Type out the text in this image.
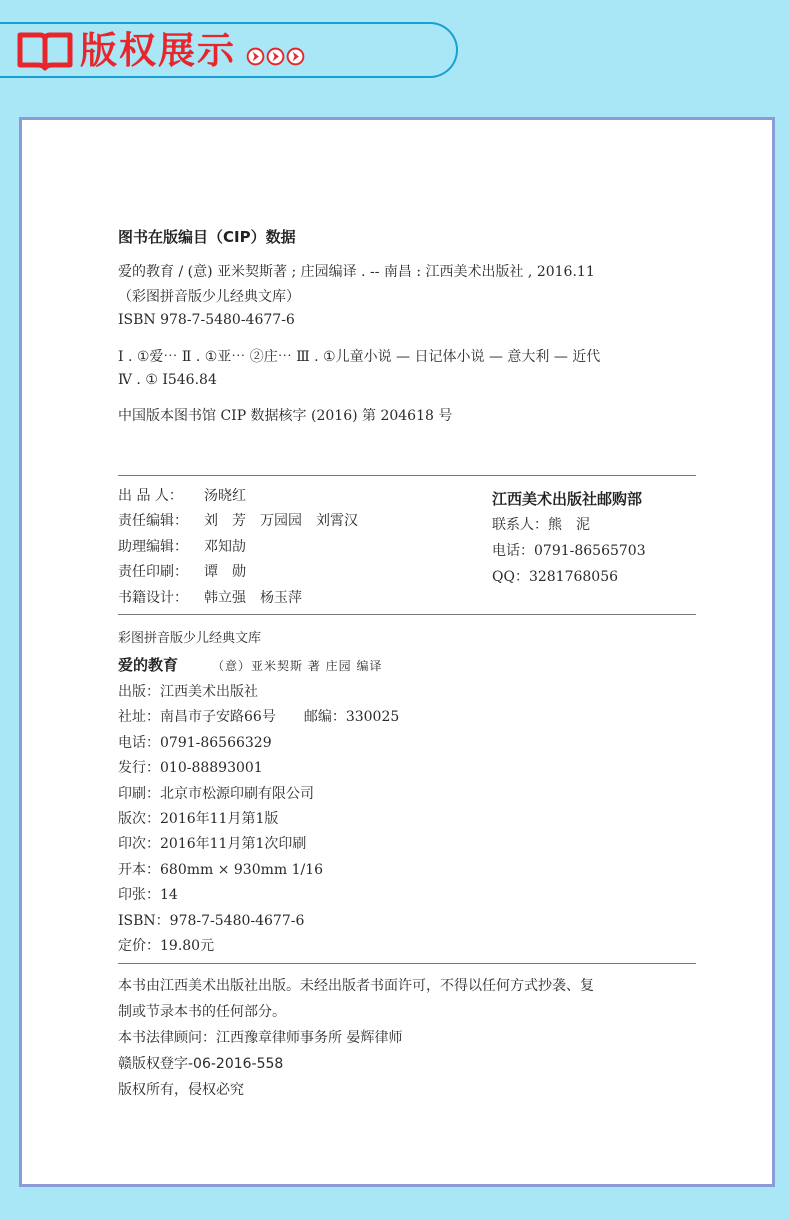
版权展示
图书在版编目（CIP）数据
爱的教育 / (意) 亚米契斯著 ; 庄园编译 . -- 南昌 : 江西美术出版社 , 2016.11
（彩图拼音版少儿经典文库）
ISBN 978-7-5480-4677-6
Ⅰ . ①爱⋯ Ⅱ . ①亚⋯ ②庄⋯ Ⅲ . ①儿童小说 — 日记体小说 — 意大利 — 近代
Ⅳ . ① I546.84
中国版本图书馆 CIP 数据核字 (2016) 第 204618 号
出 品 人： 汤晓红
责任编辑： 刘　芳　万园园　刘霄汉
助理编辑： 邓知劼
责任印刷： 谭　勋
书籍设计： 韩立强　杨玉萍
江西美术出版社邮购部
联系人：熊　泥
电话：0791-86565703
QQ：3281768056
彩图拼音版少儿经典文库
爱的教育	（意）亚米契斯 著 庄园 编译
出版：江西美术出版社
社址：南昌市子安路66号　　邮编：330025
电话：0791-86566329
发行：010-88893001
印刷：北京市松源印刷有限公司
版次：2016年11月第1版
印次：2016年11月第1次印刷
开本：680mm × 930mm 1/16
印张：14
ISBN：978-7-5480-4677-6
定价：19.80元
本书由江西美术出版社出版。未经出版者书面许可，不得以任何方式抄袭、复
制或节录本书的任何部分。
本书法律顾问：江西豫章律师事务所 晏辉律师
赣版权登字-06-2016-558
版权所有，侵权必究
